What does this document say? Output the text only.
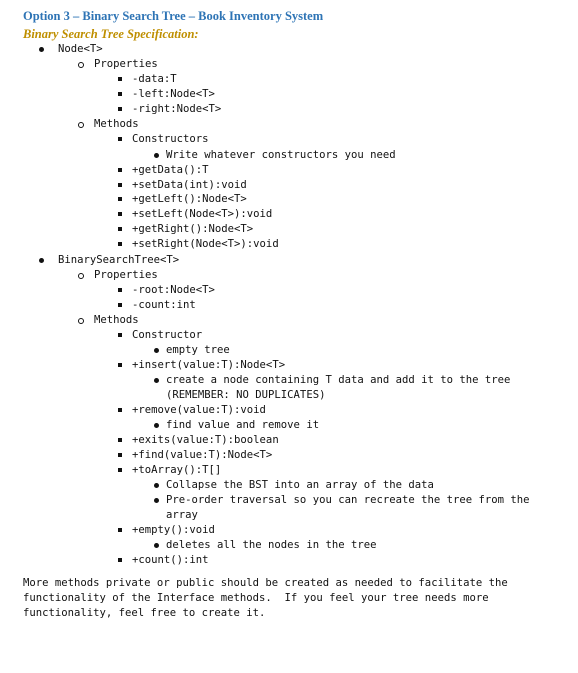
Option 3 – Binary Search Tree – Book Inventory System
Binary Search Tree Specification:
Node<T>
Properties
-data:T
-left:Node<T>
-right:Node<T>
Methods
Constructors
Write whatever constructors you need
+getData():T
+setData(int):void
+getLeft():Node<T>
+setLeft(Node<T>):void
+getRight():Node<T>
+setRight(Node<T>):void
BinarySearchTree<T>
Properties
-root:Node<T>
-count:int
Methods
Constructor
empty tree
+insert(value:T):Node<T>
create a node containing T data and add it to the tree
(REMEMBER: NO DUPLICATES)
+remove(value:T):void
find value and remove it
+exits(value:T):boolean
+find(value:T):Node<T>
+toArray():T[]
Collapse the BST into an array of the data
Pre-order traversal so you can recreate the tree from the
array
+empty():void
deletes all the nodes in the tree
+count():int
More methods private or public should be created as needed to facilitate the
functionality of the Interface methods.  If you feel your tree needs more
functionality, feel free to create it.
